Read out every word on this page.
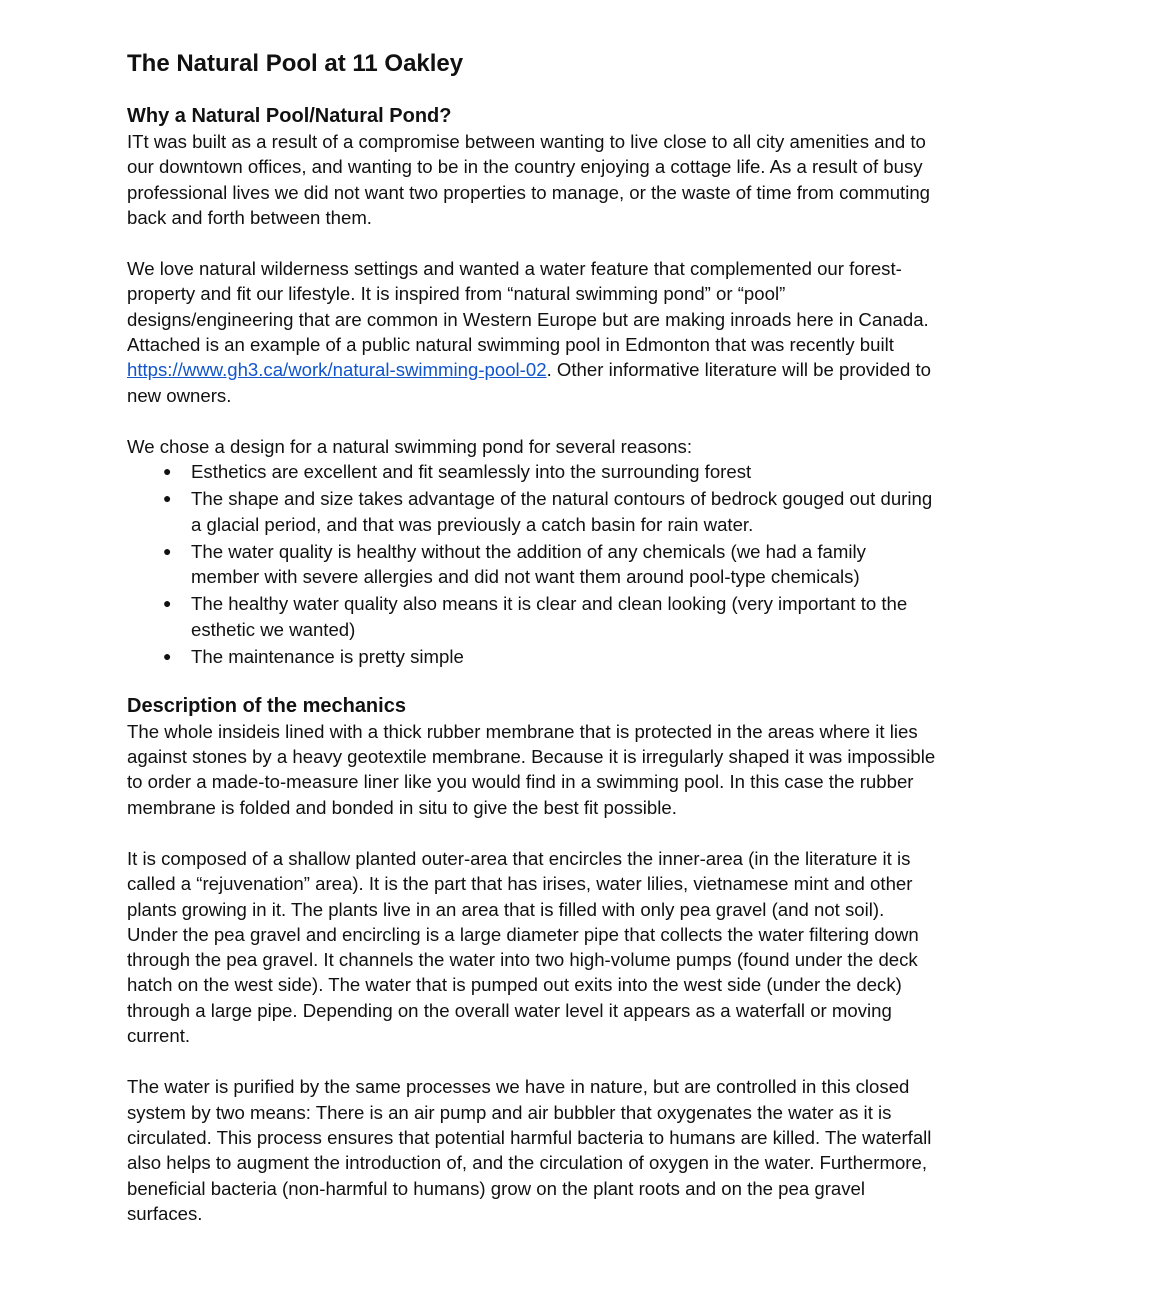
The Natural Pool at 11 Oakley
Why a Natural Pool/Natural Pond?

ITt was built as a result of a compromise between wanting to live close to all city amenities and to our downtown offices, and wanting to be in the country enjoying a cottage life. As a result of busy professional lives we did not want two properties to manage, or the waste of time from commuting back and forth between them.

We love natural wilderness settings and wanted a water feature that complemented our forest-property and fit our lifestyle. It is inspired from “natural swimming pond” or “pool” designs/engineering that are common in Western Europe but are making inroads here in Canada. Attached is an example of a public natural swimming pool in Edmonton that was recently built https://www.gh3.ca/work/natural-swimming-pool-02. Other informative literature will be provided to new owners.

We chose a design for a natural swimming pond for several reasons:

● Esthetics are excellent and fit seamlessly into the surrounding forest
● The shape and size takes advantage of the natural contours of bedrock gouged out during a glacial period, and that was previously a catch basin for rain water.
● The water quality is healthy without the addition of any chemicals (we had a family member with severe allergies and did not want them around pool-type chemicals)
● The healthy water quality also means it is clear and clean looking (very important to the esthetic we wanted)
● The maintenance is pretty simple
Description of the mechanics

The whole insideis lined with a thick rubber membrane that is protected in the areas where it lies against stones by a heavy geotextile membrane. Because it is irregularly shaped it was impossible to order a made-to-measure liner like you would find in a swimming pool. In this case the rubber membrane is folded and bonded in situ to give the best fit possible.

It is composed of a shallow planted outer-area that encircles the inner-area (in the literature it is called a “rejuvenation” area). It is the part that has irises, water lilies, vietnamese mint and other plants growing in it. The plants live in an area that is filled with only pea gravel (and not soil). Under the pea gravel and encircling is a large diameter pipe that collects the water filtering down through the pea gravel. It channels the water into two high-volume pumps (found under the deck hatch on the west side). The water that is pumped out exits into the west side (under the deck) through a large pipe. Depending on the overall water level it appears as a waterfall or moving current.

The water is purified by the same processes we have in nature, but are controlled in this closed system by two means: There is an air pump and air bubbler that oxygenates the water as it is circulated. This process ensures that potential harmful bacteria to humans are killed. The waterfall also helps to augment the introduction of, and the circulation of oxygen in the water. Furthermore, beneficial bacteria (non-harmful to humans) grow on the plant roots and on the pea gravel surfaces.
